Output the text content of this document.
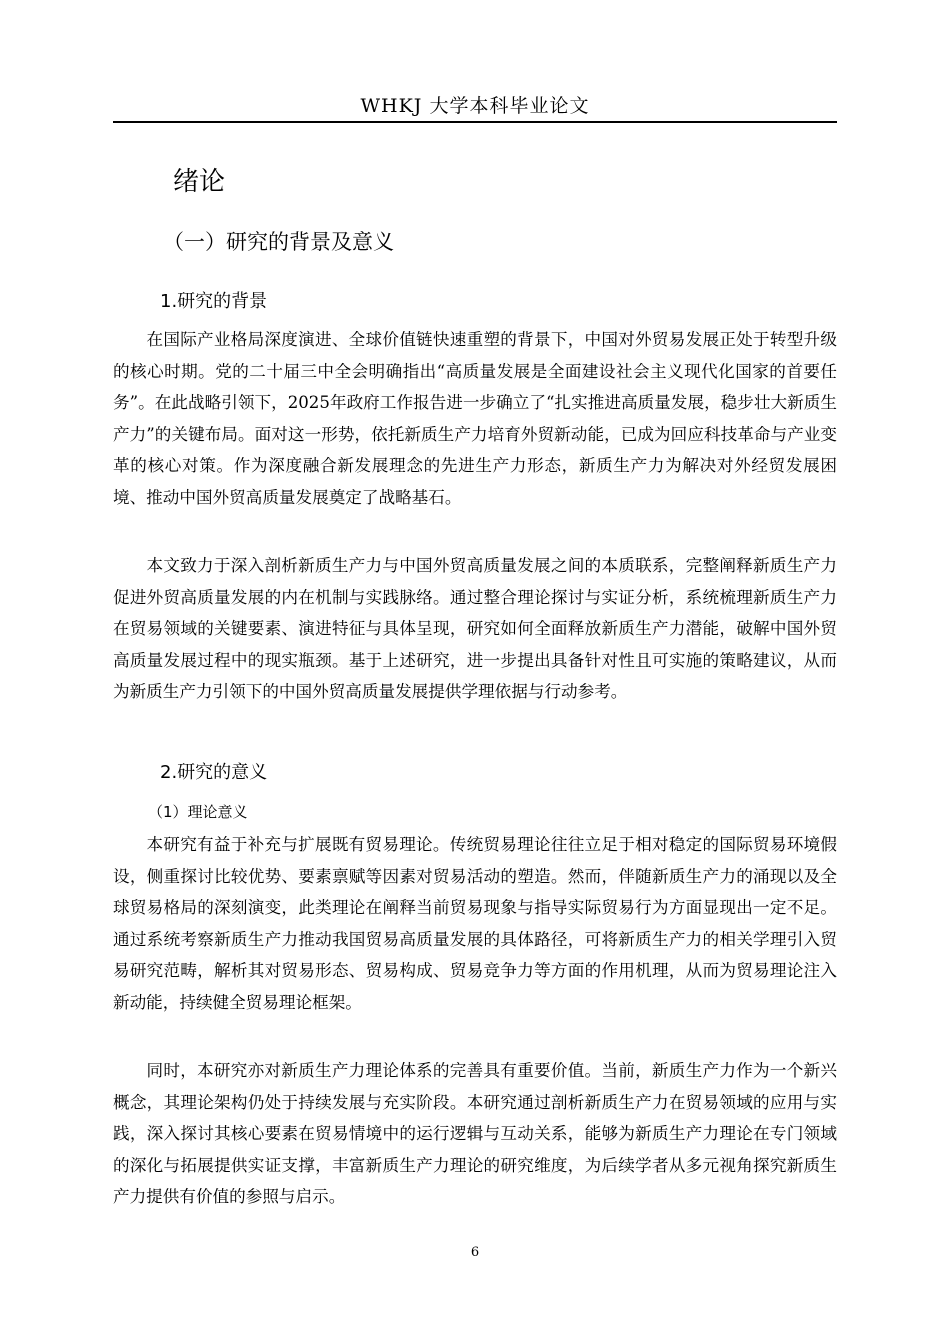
WHKJ 大学本科毕业论文
绪论
（一）研究的背景及意义
1.研究的背景

在国际产业格局深度演进、全球价值链快速重塑的背景下，中国对外贸易发展正处于转型升级的核心时期。党的二十届三中全会明确指出“高质量发展是全面建设社会主义现代化国家的首要任务”。在此战略引领下，2025年政府工作报告进一步确立了“扎实推进高质量发展，稳步壮大新质生产力”的关键布局。面对这一形势，依托新质生产力培育外贸新动能，已成为回应科技革命与产业变革的核心对策。作为深度融合新发展理念的先进生产力形态，新质生产力为解决对外经贸发展困境、推动中国外贸高质量发展奠定了战略基石。

本文致力于深入剖析新质生产力与中国外贸高质量发展之间的本质联系，完整阐释新质生产力促进外贸高质量发展的内在机制与实践脉络。通过整合理论探讨与实证分析，系统梳理新质生产力在贸易领域的关键要素、演进特征与具体呈现，研究如何全面释放新质生产力潜能，破解中国外贸高质量发展过程中的现实瓶颈。基于上述研究，进一步提出具备针对性且可实施的策略建议，从而为新质生产力引领下的中国外贸高质量发展提供学理依据与行动参考。

2.研究的意义
（1）理论意义

本研究有益于补充与扩展既有贸易理论。传统贸易理论往往立足于相对稳定的国际贸易环境假设，侧重探讨比较优势、要素禀赋等因素对贸易活动的塑造。然而，伴随新质生产力的涌现以及全球贸易格局的深刻演变，此类理论在阐释当前贸易现象与指导实际贸易行为方面显现出一定不足。通过系统考察新质生产力推动我国贸易高质量发展的具体路径，可将新质生产力的相关学理引入贸易研究范畴，解析其对贸易形态、贸易构成、贸易竞争力等方面的作用机理，从而为贸易理论注入新动能，持续健全贸易理论框架。

同时，本研究亦对新质生产力理论体系的完善具有重要价值。当前，新质生产力作为一个新兴概念，其理论架构仍处于持续发展与充实阶段。本研究通过剖析新质生产力在贸易领域的应用与实践，深入探讨其核心要素在贸易情境中的运行逻辑与互动关系，能够为新质生产力理论在专门领域的深化与拓展提供实证支撑，丰富新质生产力理论的研究维度，为后续学者从多元视角探究新质生产力提供有价值的参照与启示。

6
